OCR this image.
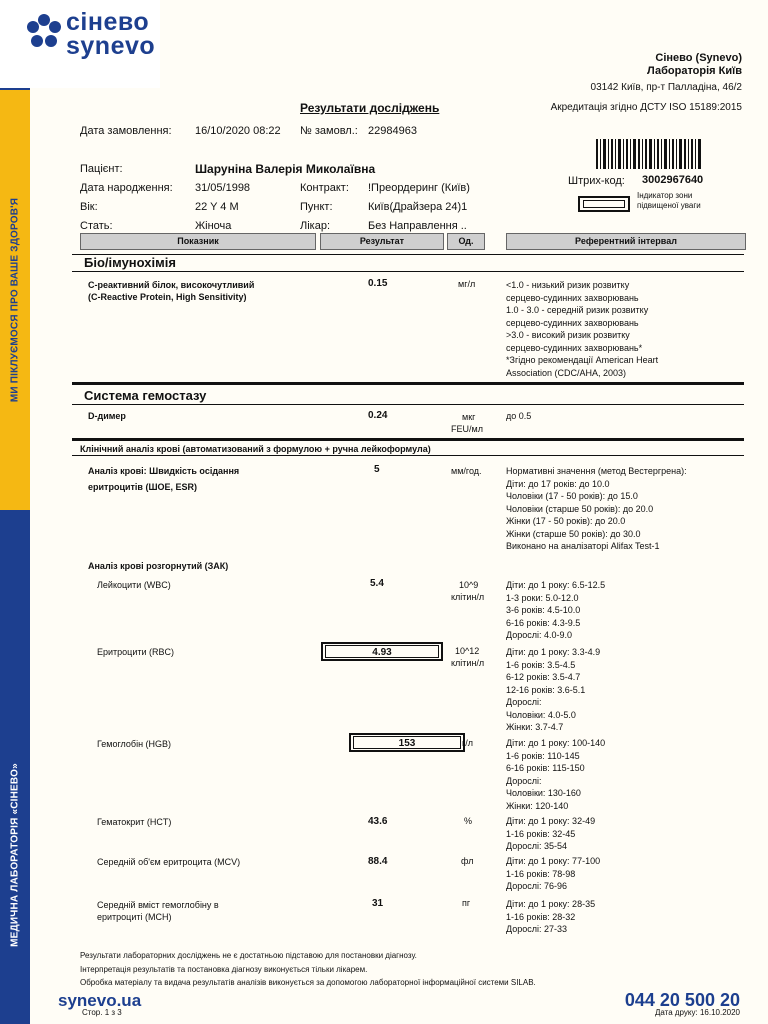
МИ ПІКЛУЄМОСЯ ПРО ВАШЕ ЗДОРОВ'Я
МЕДИЧНА ЛАБОРАТОРІЯ «СІНЕВО»
сінево
synevo	Сінево (Synevo)
Лабораторія Київ
03142 Київ, пр-т Палладіна, 46/2
Акредитація згідно ДСТУ ISO 15189:2015
Результати досліджень
Дата замовлення: 16/10/2020 08:22 № замовл.: 22984963
Пацієнт:	Шаруніна Валерія Миколаївна
Дата народження: 31/05/1998	Контракт: !Преордеринг (Київ)
Вік:	22 Y 4 M	Пункт:	Київ(Драйзера 24)1
Стать:	Жіноча	Лікар:	Без Направлення ..
Штрих-код: 3002967640
Індикатор зони
підвищеної уваги
Показник	Результат	Од.	Референтний інтервал
Біо/імунохімія
С-реактивний білок, високочутливий
(C-Reactive Protein, High Sensitivity)
0.15	мг/л	<1.0 - низький ризик розвитку
серцево-судинних захворювань
1.0 - 3.0 - середній ризик розвитку
серцево-судинних захворювань
>3.0 - високий ризик розвитку
серцево-судинних захворювань*
*Згідно рекомендації American Heart
Association (CDC/AHA, 2003)
Система гемостазу
D-димер	0.24	мкг
FEU/мл
до 0.5
Клінічний аналіз крові (автоматизований з формулою + ручна лейкоформула)
Аналіз крові: Швидкість осідання
еритроцитів (ШОЕ, ESR)
5	мм/год.	Нормативні значення (метод Вестергрена):
Діти: до 17 років: до 10.0
Чоловіки (17 - 50 років): до 15.0
Чоловіки (старше 50 років): до 20.0
Жінки (17 - 50 років): до 20.0
Жінки (старше 50 років): до 30.0
Виконано на аналізаторі Alifax Test-1
Аналіз крові розгорнутий (ЗАК)
Лейкоцити (WBC)	5.4	10^9
клітин/л
Діти: до 1 року: 6.5-12.5
1-3 роки: 5.0-12.0
3-6 років: 4.5-10.0
6-16 років: 4.3-9.5
Дорослі: 4.0-9.0
Еритроцити (RBC)	4.93	10^12
клітин/л
Діти: до 1 року: 3.3-4.9
1-6 років: 3.5-4.5
6-12 років: 3.5-4.7
12-16 років: 3.6-5.1
Дорослі:
Чоловіки: 4.0-5.0
Жінки: 3.7-4.7
Гемоглобін (HGB)	153	г/л	Діти: до 1 року: 100-140
1-6 років: 110-145
6-16 років: 115-150
Дорослі:
Чоловіки: 130-160
Жінки: 120-140
Гематокрит (HCT)	43.6	%	Діти: до 1 року: 32-49
1-16 років: 32-45
Дорослі: 35-54
Середній об'єм еритроцита (MCV)	88.4	фл	Діти: до 1 року: 77-100
1-16 років: 78-98
Дорослі: 76-96
Середній вміст гемоглобіну в
еритроциті (MCH)
31	пг	Діти: до 1 року: 28-35
1-16 років: 28-32
Дорослі: 27-33
Результати лабораторних досліджень не є достатньою підставою для постановки діагнозу.
Інтерпретація результатів та постановка діагнозу виконується тільки лікарем.
Обробка матеріалу та видача результатів аналізів виконується за допомогою лабораторної інформаційної системи SILAB.
synevo.ua
Стор. 1 з 3
044 20 500 20
Дата друку: 16.10.2020
